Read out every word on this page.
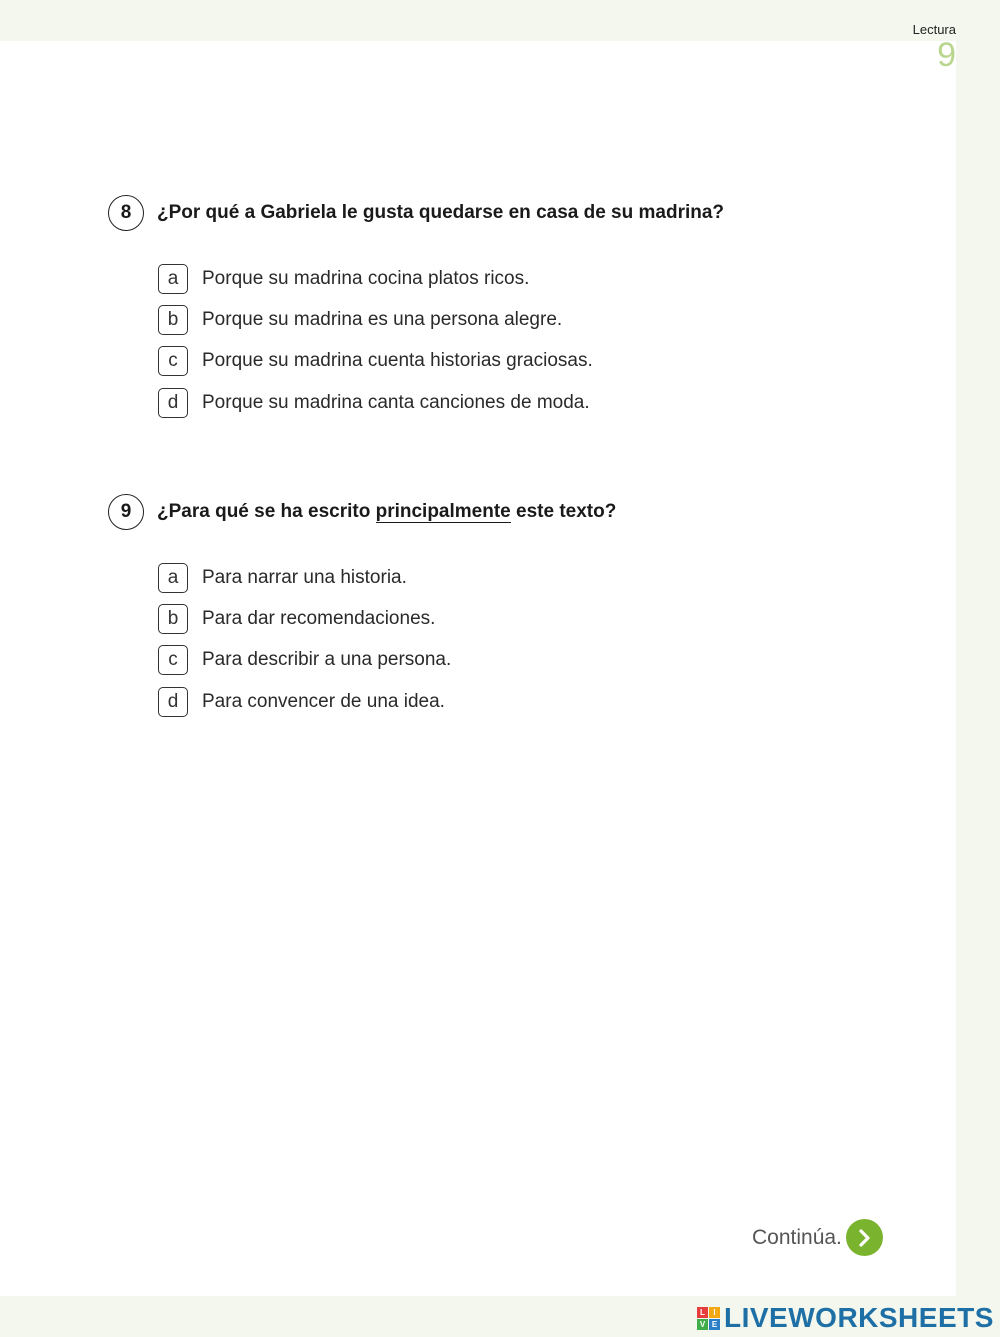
Lectura
9
8	¿Por qué a Gabriela le gusta quedarse en casa de su madrina?
a	Porque su madrina cocina platos ricos.
b	Porque su madrina es una persona alegre.
c	Porque su madrina cuenta historias graciosas.
d	Porque su madrina canta canciones de moda.
9	¿Para qué se ha escrito principalmente este texto?
a	Para narrar una historia.
b	Para dar recomendaciones.
c	Para describir a una persona.
d	Para convencer de una idea.
Continúa.
L	I
V E LIVEWORKSHEETS
